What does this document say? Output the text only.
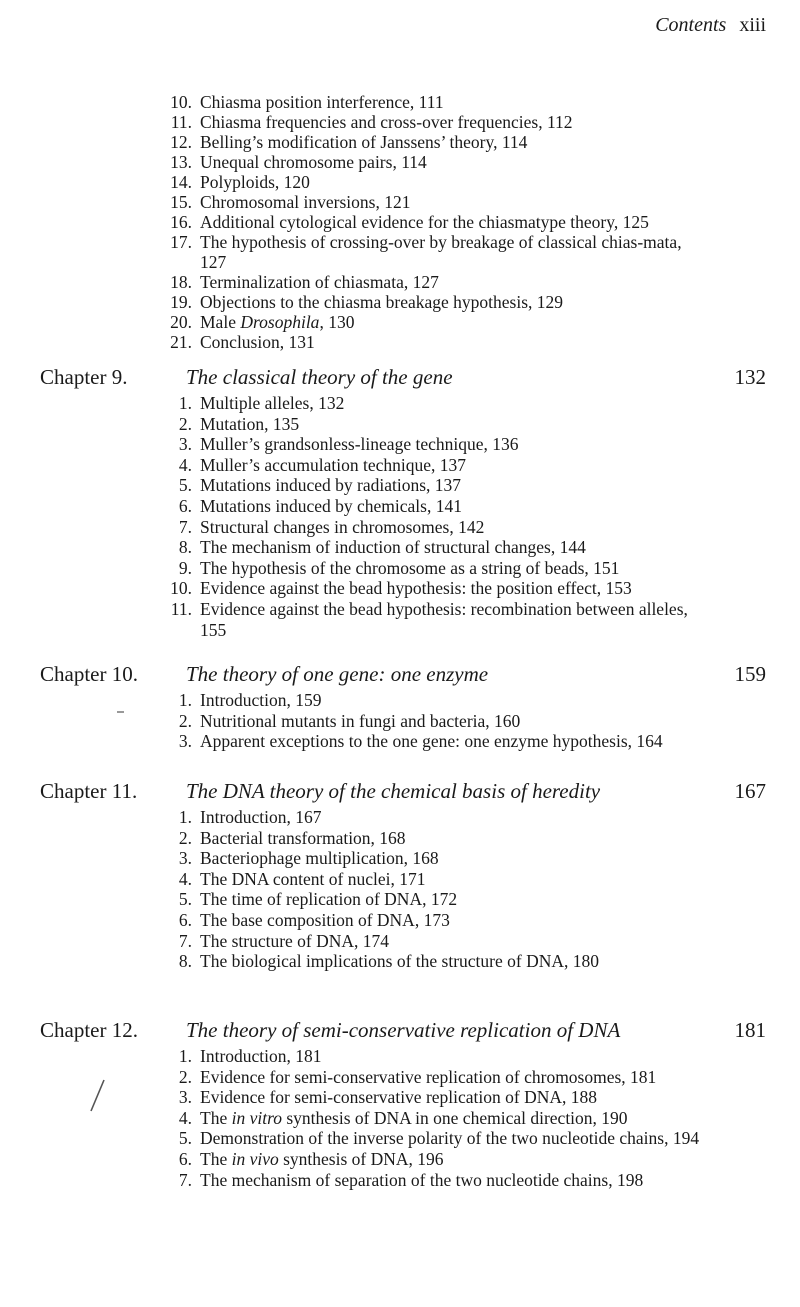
Contents xiii
10. Chiasma position interference, 111
11. Chiasma frequencies and cross-over frequencies, 112
12. Belling’s modification of Janssens’ theory, 114
13. Unequal chromosome pairs, 114
14. Polyploids, 120
15. Chromosomal inversions, 121
16. Additional cytological evidence for the chiasmatype theory, 125
17. The hypothesis of crossing-over by breakage of classical chias-mata, 127
18. Terminalization of chiasmata, 127
19. Objections to the chiasma breakage hypothesis, 129
20. Male Drosophila, 130
21. Conclusion, 131
Chapter 9.	The classical theory of the gene	132
1. Multiple alleles, 132
2. Mutation, 135
3. Muller’s grandsonless-lineage technique, 136
4. Muller’s accumulation technique, 137
5. Mutations induced by radiations, 137
6. Mutations induced by chemicals, 141
7. Structural changes in chromosomes, 142
8. The mechanism of induction of structural changes, 144
9. The hypothesis of the chromosome as a string of beads, 151
10. Evidence against the bead hypothesis: the position effect, 153
11. Evidence against the bead hypothesis: recombination between alleles, 155
Chapter 10. The theory of one gene: one enzyme	159
1. Introduction, 159
2. Nutritional mutants in fungi and bacteria, 160
3. Apparent exceptions to the one gene: one enzyme hypothesis, 164
Chapter 11. The DNA theory of the chemical basis of heredity	167
1. Introduction, 167
2. Bacterial transformation, 168
3. Bacteriophage multiplication, 168
4. The DNA content of nuclei, 171
5. The time of replication of DNA, 172
6. The base composition of DNA, 173
7. The structure of DNA, 174
8. The biological implications of the structure of DNA, 180
Chapter 12. The theory of semi-conservative replication of DNA	181
1. Introduction, 181
2. Evidence for semi-conservative replication of chromosomes, 181
3. Evidence for semi-conservative replication of DNA, 188
4. The in vitro synthesis of DNA in one chemical direction, 190
5. Demonstration of the inverse polarity of the two nucleotide chains, 194
6. The in vivo synthesis of DNA, 196
7. The mechanism of separation of the two nucleotide chains, 198
